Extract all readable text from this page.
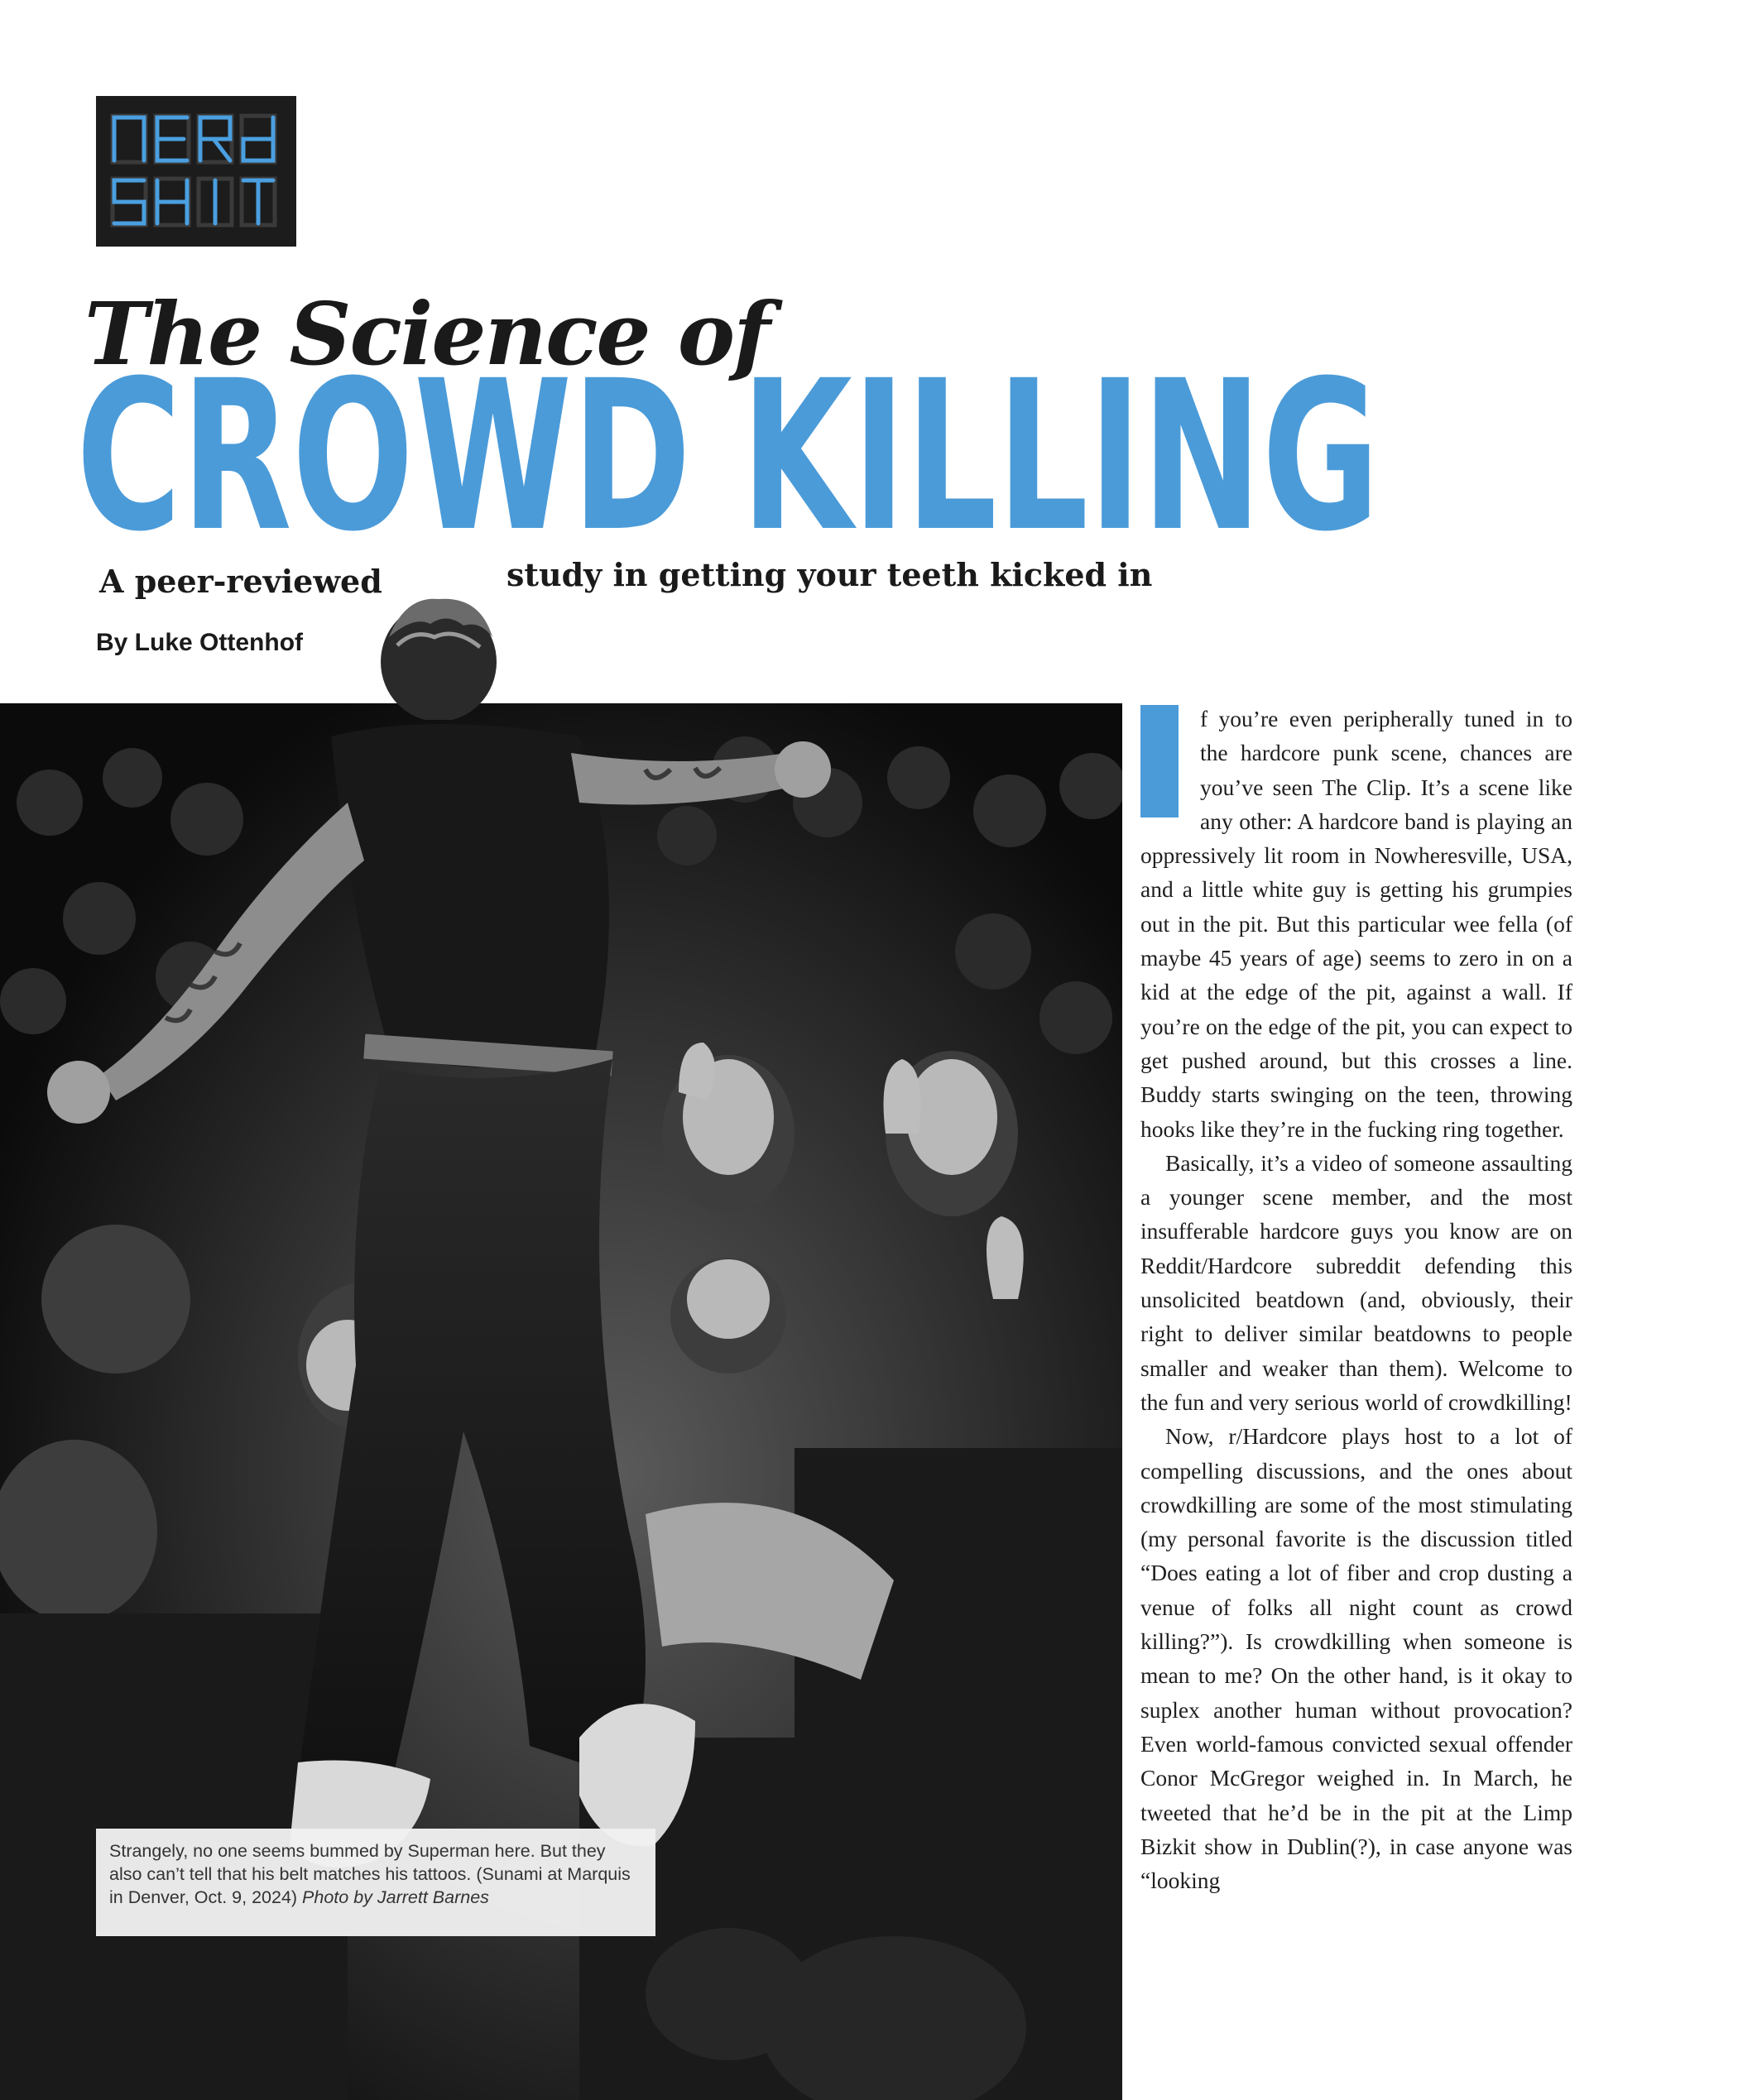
The Science of
CROWD KILLING
A peer-reviewed	study in getting your teeth kicked in
By Luke Ottenhof
Strangely, no one seems bummed by Superman here. But they also can’t tell that his belt matches his tattoos. (Sunami at Marquis in Denver, Oct. 9, 2024) Photo by Jarrett Barnes

f you’re even peripherally tuned in to the hardcore punk scene, chances are you’ve seen The Clip. It’s a scene like any other: A hardcore band is playing an oppressively lit room in Nowheresville, USA, and a little white guy is getting his grumpies out in the pit. But this particular wee fella (of maybe 45 years of age) seems to zero in on a kid at the edge of the pit, against a wall. If you’re on the edge of the pit, you can expect to get pushed around, but this crosses a line. Buddy starts swinging on the teen, throwing hooks like they’re in the fucking ring together.

Basically, it’s a video of someone assaulting a younger scene member, and the most insufferable hardcore guys you know are on Reddit/Hardcore subreddit defending this unsolicited beatdown (and, obviously, their right to deliver similar beatdowns to people smaller and weaker than them). Welcome to the fun and very serious world of crowdkilling!

Now, r/Hardcore plays host to a lot of compelling discussions, and the ones about crowdkilling are some of the most stimulating (my personal favorite is the discussion titled “Does eating a lot of fiber and crop dusting a venue of folks all night count as crowd killing?”). Is crowdkilling when someone is mean to me? On the other hand, is it okay to suplex another human without provocation? Even world-famous convicted sexual offender Conor McGregor weighed in. In March, he tweeted that he’d be in the pit at the Limp Bizkit show in Dublin(?), in case anyone was “looking
